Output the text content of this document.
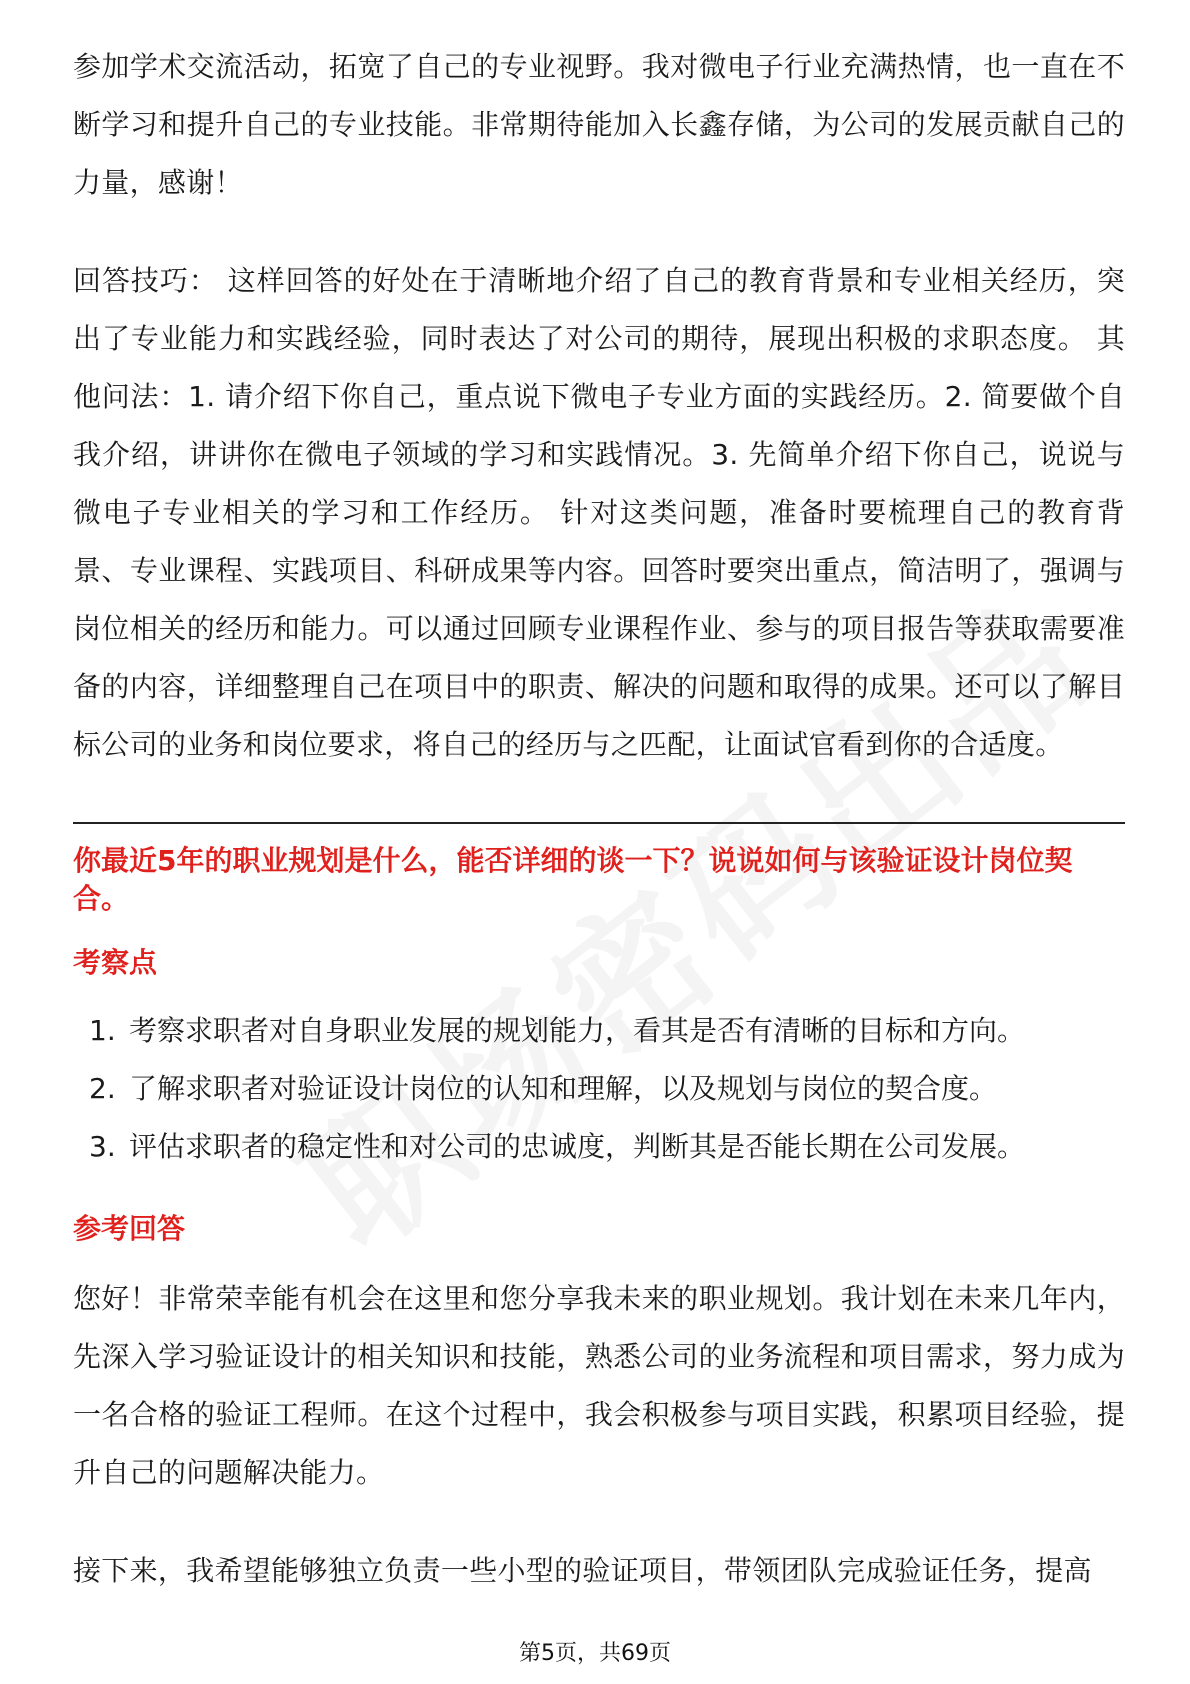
参加学术交流活动，拓宽了自己的专业视野。我对微电子行业充满热情，也一直在不断学习和提升自己的专业技能。非常期待能加入长鑫存储，为公司的发展贡献自己的力量，感谢！

回答技巧： 这样回答的好处在于清晰地介绍了自己的教育背景和专业相关经历，突出了专业能力和实践经验，同时表达了对公司的期待，展现出积极的求职态度。 其他问法：1. 请介绍下你自己，重点说下微电子专业方面的实践经历。2. 简要做个自我介绍，讲讲你在微电子领域的学习和实践情况。3. 先简单介绍下你自己，说说与微电子专业相关的学习和工作经历。 针对这类问题，准备时要梳理自己的教育背景、专业课程、实践项目、科研成果等内容。回答时要突出重点，简洁明了，强调与岗位相关的经历和能力。可以通过回顾专业课程作业、参与的项目报告等获取需要准备的内容，详细整理自己在项目中的职责、解决的问题和取得的成果。还可以了解目标公司的业务和岗位要求，将自己的经历与之匹配，让面试官看到你的合适度。

你最近5年的职业规划是什么，能否详细的谈一下？说说如何与该验证设计岗位契合。

考察点

1. 考察求职者对自身职业发展的规划能力，看其是否有清晰的目标和方向。
2. 了解求职者对验证设计岗位的认知和理解，以及规划与岗位的契合度。
3. 评估求职者的稳定性和对公司的忠诚度，判断其是否能长期在公司发展。

参考回答

您好！非常荣幸能有机会在这里和您分享我未来的职业规划。我计划在未来几年内，先深入学习验证设计的相关知识和技能，熟悉公司的业务流程和项目需求，努力成为一名合格的验证工程师。在这个过程中，我会积极参与项目实践，积累项目经验，提升自己的问题解决能力。

接下来，我希望能够独立负责一些小型的验证项目，带领团队完成验证任务，提高

第5页，共69页
